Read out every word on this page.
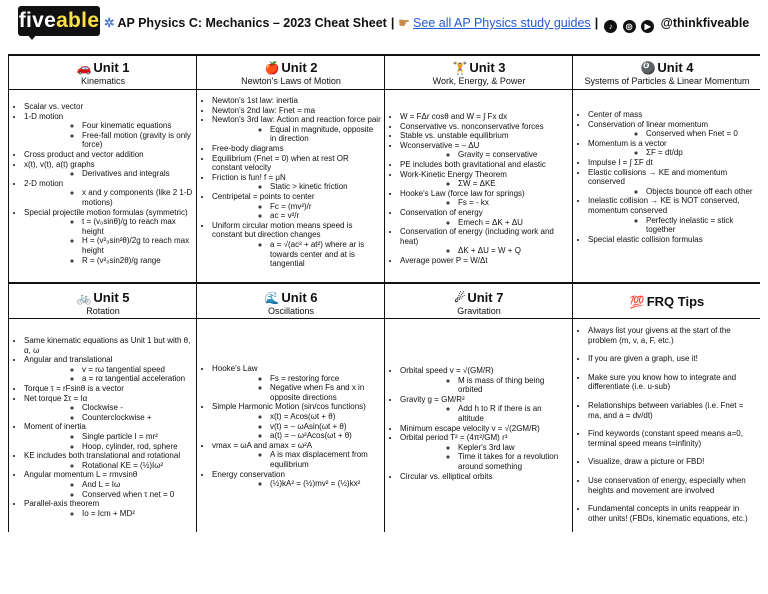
fiveable ✲ AP Physics C: Mechanics – 2023 Cheat Sheet | ☛ See all AP Physics study guides | ♪ ◎ ▶ @thinkfiveable
🚗 Unit 1
Kinematics
• Scalar vs. vector
• 1-D motion
◦ Four kinematic equations
◦ Free-fall motion (gravity is only force)
• Cross product and vector addition
• x(t), v(t), a(t) graphs
◦ Derivatives and integrals
• 2-D motion
◦ x and y components (like 2 1-D motions)
• Special projectile motion formulas (symmetric)
◦ t = (v₀sinθ)/g to reach max height
◦ H = (v²₀sin²θ)/2g to reach max height
◦ R = (v²₀sin2θ)/g range
🚲 Unit 5
Rotation
• Same kinematic equations as Unit 1 but with θ, α, ω
• Angular and translational
◦ v = rω tangential speed
◦ a = rα tangential acceleration
• Torque τ = rFsinθ is a vector
• Net torque Στ = Iα
◦ Clockwise -
◦ Counterclockwise +
• Moment of inertia
◦ Single particle I = mr²
◦ Hoop, cylinder, rod, sphere
• KE includes both translational and rotational
◦ Rotational KE = (½)Iω²
• Angular momentum L = rmvsinθ
◦ And L = Iω
◦ Conserved when τ net = 0
• Parallel-axis theorem
◦ Io = Icm + MD²
🍎 Unit 2
Newton's Laws of Motion
• Newton's 1st law: inertia
• Newton's 2nd law: Fnet = ma
• Newton's 3rd law: Action and reaction force pair
◦ Equal in magnitude, opposite in direction
• Free-body diagrams
• Equilibrium (Fnet = 0) when at rest OR constant velocity
• Friction is fun! f = μN
◦ Static > kinetic friction
• Centripetal = points to center
◦ Fc = (mv²)/r
◦ ac = v²/r
• Uniform circular motion means speed is constant but direction changes
◦ a = √(ac² + at²) where ar is towards center and at is tangential
🌊 Unit 6
Oscillations
• Hooke's Law
◦ Fs = restoring force
◦ Negative when Fs and x in opposite directions
• Simple Harmonic Motion (sin/cos functions)
◦ x(t) = Acos(ωt + θ)
◦ v(t) = – ωAsin(ωt + θ)
◦ a(t) = – ω²Acos(ωt + θ)
• vmax = ωA and amax = ω²A
◦ A is max displacement from equilibrium
• Energy conservation
◦ (½)kA² = (½)mv² = (½)kx²
🏋 Unit 3
Work, Energy, & Power
• W = FΔr cosθ and W = ∫ Fx dx
• Conservative vs. nonconservative forces
• Stable vs. unstable equilibrium
• Wconservative = – ΔU
◦ Gravity = conservative
• PE includes both gravitational and elastic
• Work-Kinetic Energy Theorem
◦ ΣW = ΔKE
• Hooke's Law (force law for springs)
◦ Fs = - kx
• Conservation of energy
◦ Emech = ΔK + ΔU
• Conservation of energy (including work and heat)
◦ ΔK + ΔU = W + Q
• Average power P = W/Δt
☄ Unit 7
Gravitation
• Orbital speed v = √(GM/R)
◦ M is mass of thing being orbited
• Gravity g = GM/R²
◦ Add h to R if there is an altitude
• Minimum escape velocity v = √(2GM/R)
• Orbital period T² = (4π²/GM) r³
◦ Kepler's 3rd law
◦ Time it takes for a revolution around something
• Circular vs. elliptical orbits
🎱 Unit 4
Systems of Particles & Linear Momentum
• Center of mass
• Conservation of linear momentum
◦ Conserved when Fnet = 0
• Momentum is a vector
◦ ΣF = dt/dp
• Impulse I = ∫ ΣF dt
• Elastic collisions → KE and momentum conserved
◦ Objects bounce off each other
• Inelastic collision → KE is NOT conserved, momentum conserved
◦ Perfectly inelastic = stick together
• Special elastic collision formulas
💯 FRQ Tips
• Always list your givens at the start of the problem (m, v, a, F, etc.)
• If you are given a graph, use it!
• Make sure you know how to integrate and differentiate (i.e. u-sub)
• Relationships between variables (i.e. Fnet = ma, and a = dv/dt)
• Find keywords (constant speed means a=0, terminal speed means t=infinity)
• Visualize, draw a picture or FBD!
• Use conservation of energy, especially when heights and movement are involved
• Fundamental concepts in units reappear in other units! (FBDs, kinematic equations, etc.)
